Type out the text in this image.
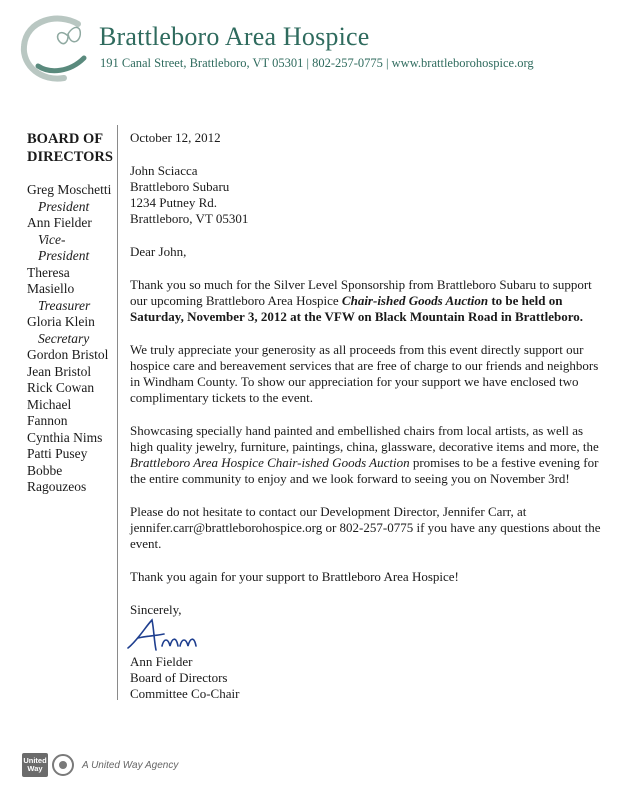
Brattleboro Area Hospice
191 Canal Street, Brattleboro, VT 05301 | 802-257-0775 | www.brattleborohospice.org
BOARD OF
DIRECTORS
Greg Moschetti
President
Ann Fielder
Vice-President
Theresa Masiello
Treasurer
Gloria Klein
Secretary
Gordon Bristol
Jean Bristol
Rick Cowan
Michael Fannon
Cynthia Nims
Patti Pusey
Bobbe Ragouzeos

October 12, 2012

John Sciacca
Brattleboro Subaru
1234 Putney Rd.
Brattleboro, VT 05301

Dear John,

Thank you so much for the Silver Level Sponsorship from Brattleboro Subaru to support our upcoming Brattleboro Area Hospice Chair-ished Goods Auction to be held on Saturday, November 3, 2012 at the VFW on Black Mountain Road in Brattleboro.

We truly appreciate your generosity as all proceeds from this event directly support our hospice care and bereavement services that are free of charge to our friends and neighbors in Windham County. To show our appreciation for your support we have enclosed two complimentary tickets to the event.

Showcasing specially hand painted and embellished chairs from local artists, as well as high quality jewelry, furniture, paintings, china, glassware, decorative items and more, the Brattleboro Area Hospice Chair-ished Goods Auction promises to be a festive evening for the entire community to enjoy and we look forward to seeing you on November 3rd!

Please do not hesitate to contact our Development Director, Jennifer Carr, at jennifer.carr@brattleborohospice.org or 802-257-0775 if you have any questions about the event.

Thank you again for your support to Brattleboro Area Hospice!

Sincerely,

Ann Fielder
Board of Directors
Committee Co-Chair

United Way	A United Way Agency
